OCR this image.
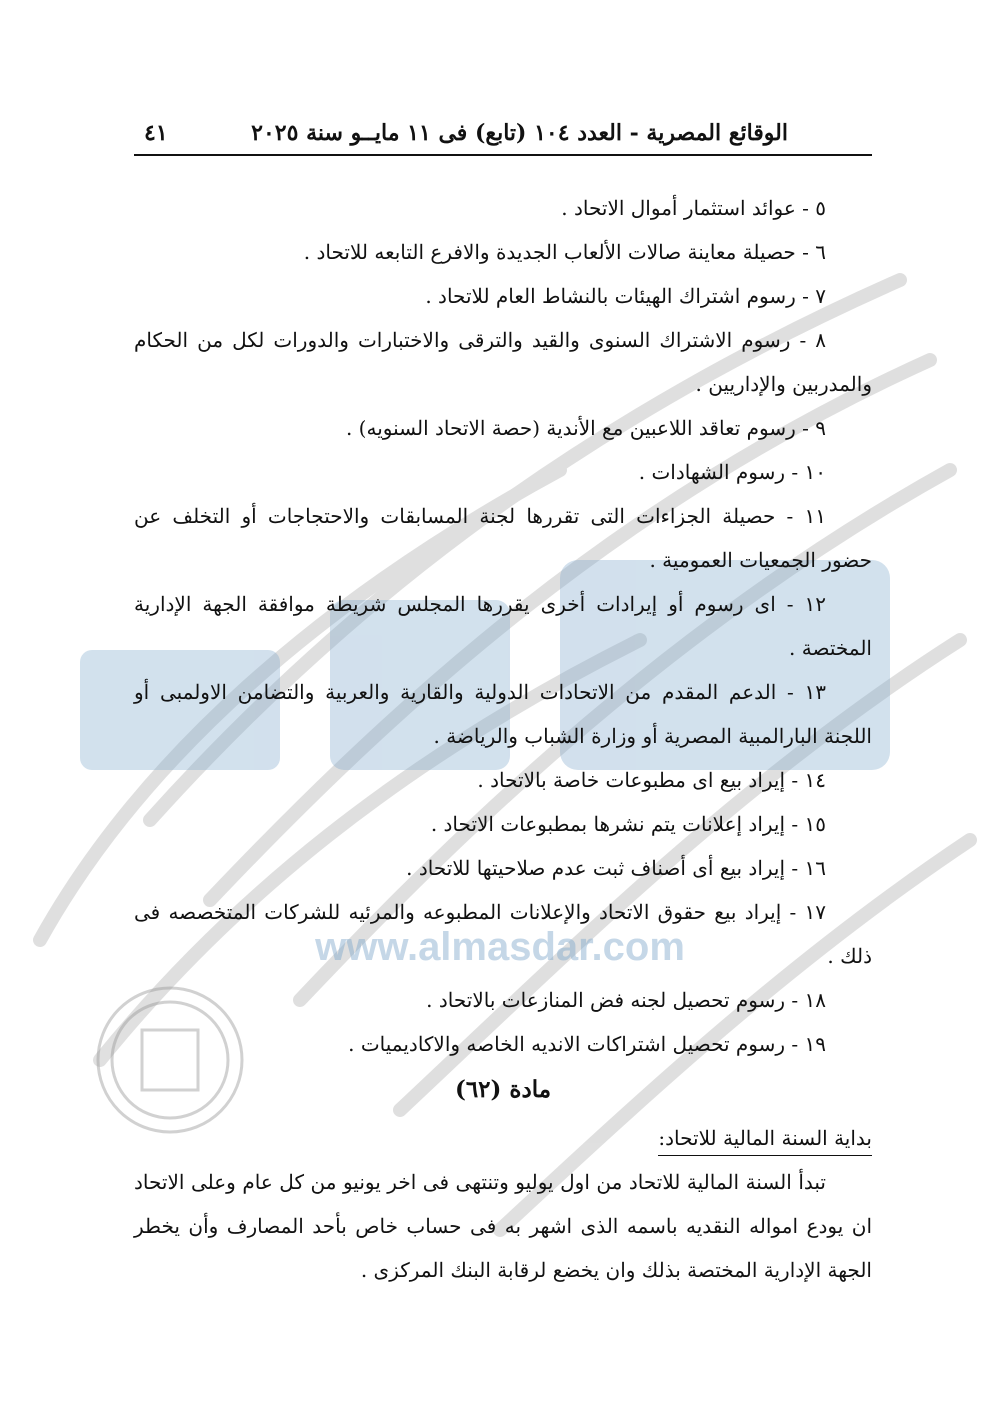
www.almasdar.com
الوقائع المصرية - العدد ١٠٤ (تابع) فى ١١ مايــو سنة ٢٠٢٥
٤١

٥ - عوائد استثمار أموال الاتحاد .

٦ - حصيلة معاينة صالات الألعاب الجديدة والافرع التابعه للاتحاد .

٧ - رسوم اشتراك الهيئات بالنشاط العام للاتحاد .

٨ - رسوم الاشتراك السنوى والقيد والترقى والاختبارات والدورات لكل من الحكام والمدربين والإداريين .

٩ - رسوم تعاقد اللاعبين مع الأندية (حصة الاتحاد السنويه) .

١٠ - رسوم الشهادات .

١١ - حصيلة الجزاءات التى تقررها لجنة المسابقات والاحتجاجات أو التخلف عن حضور الجمعيات العمومية .

١٢ - اى رسوم أو إيرادات أخرى يقررها المجلس شريطة موافقة الجهة الإدارية المختصة .

١٣ - الدعم المقدم من الاتحادات الدولية والقارية والعربية والتضامن الاولمبى أو اللجنة البارالمبية المصرية أو وزارة الشباب والرياضة .

١٤ - إيراد بيع اى مطبوعات خاصة بالاتحاد .

١٥ - إيراد إعلانات يتم نشرها بمطبوعات الاتحاد .

١٦ - إيراد بيع أى أصناف ثبت عدم صلاحيتها للاتحاد .

١٧ - إيراد بيع حقوق الاتحاد والإعلانات المطبوعه والمرئيه للشركات المتخصصه فى ذلك .

١٨ - رسوم تحصيل لجنه فض المنازعات بالاتحاد .

١٩ - رسوم تحصيل اشتراكات الانديه الخاصه والاكاديميات .

مادة (٦٢)
بداية السنة المالية للاتحاد:

تبدأ السنة المالية للاتحاد من اول يوليو وتنتهى فى اخر يونيو من كل عام وعلى الاتحاد ان يودع امواله النقديه باسمه الذى اشهر به فى حساب خاص بأحد المصارف وأن يخطر الجهة الإدارية المختصة بذلك وان يخضع لرقابة البنك المركزى .
